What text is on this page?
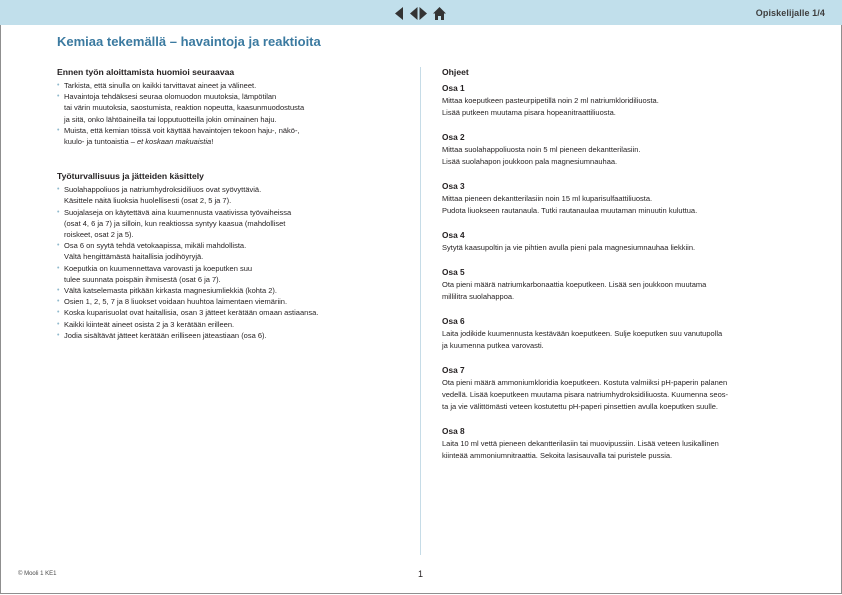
Opiskelijalle 1/4
Kemiaa tekemällä – havaintoja ja reaktioita
Ennen työn aloittamista huomioi seuraavaa
• Tarkista, että sinulla on kaikki tarvittavat aineet ja välineet.
• Havaintoja tehdäksesi seuraa olomuodon muutoksia, lämpötilan
tai värin muutoksia, saostumista, reaktion nopeutta, kaasunmuodostusta
ja sitä, onko lähtöaineilla tai lopputuotteilla jokin ominainen haju.
• Muista, että kemian töissä voit käyttää havaintojen tekoon haju-, näkö-,
kuulo- ja tuntoaistia – et koskaan makuaistia!
Työturvallisuus ja jätteiden käsittely
• Suolahappoliuos ja natriumhydroksidiliuos ovat syövyttäviä.
Käsittele näitä liuoksia huolellisesti (osat 2, 5 ja 7).
• Suojalaseja on käytettävä aina kuumennusta vaativissa työvaiheissa
(osat 4, 6 ja 7) ja silloin, kun reaktiossa syntyy kaasua (mahdolliset
roiskeet, osat 2 ja 5).
• Osa 6 on syytä tehdä vetokaapissa, mikäli mahdollista.
Vältä hengittämästä haitallisia jodihöyryjä.
• Koeputkia on kuumennettava varovasti ja koeputken suu
tulee suunnata poispäin ihmisestä (osat 6 ja 7).
• Vältä katselemasta pitkään kirkasta magnesiumliekkiä (kohta 2).
• Osien 1, 2, 5, 7 ja 8 liuokset voidaan huuhtoa laimentaen viemäriin.
• Koska kuparisuolat ovat haitallisia, osan 3 jätteet kerätään omaan astiaansa.
• Kaikki kiinteät aineet osista 2 ja 3 kerätään erilleen.
• Jodia sisältävät jätteet kerätään erilliseen jäteastiaan (osa 6).
Ohjeet
Osa 1

Mittaa koeputkeen pasteurpipetillä noin 2 ml natriumkloridiliuosta.
Lisää putkeen muutama pisara hopeanitraattiliuosta.

Osa 2

Mittaa suolahappoliuosta noin 5 ml pieneen dekantterilasiin.
Lisää suolahapon joukkoon pala magnesiumnauhaa.

Osa 3

Mittaa pieneen dekantterilasiin noin 15 ml kuparisulfaattiliuosta.
Pudota liuokseen rautanaula. Tutki rautanaulaa muutaman minuutin kuluttua.

Osa 4

Sytytä kaasupoltin ja vie pihtien avulla pieni pala magnesiumnauhaa liekkiin.

Osa 5

Ota pieni määrä natriumkarbonaattia koeputkeen. Lisää sen joukkoon muutama
millilitra suolahappoa.

Osa 6

Laita jodikide kuumennusta kestävään koeputkeen. Sulje koeputken suu vanutupolla
ja kuumenna putkea varovasti.

Osa 7

Ota pieni määrä ammoniumkloridia koeputkeen. Kostuta valmiiksi pH-paperin palanen
vedellä. Lisää koeputkeen muutama pisara natriumhydroksidiliuosta. Kuumenna seos-
ta ja vie välittömästi veteen kostutettu pH-paperi pinsettien avulla koeputken suulle.

Osa 8

Laita 10 ml vettä pieneen dekantterilasiin tai muovipussiin. Lisää veteen lusikallinen
kiinteää ammoniumnitraattia. Sekoita lasisauvalla tai puristele pussia.

© Mooli 1 KE1	1
